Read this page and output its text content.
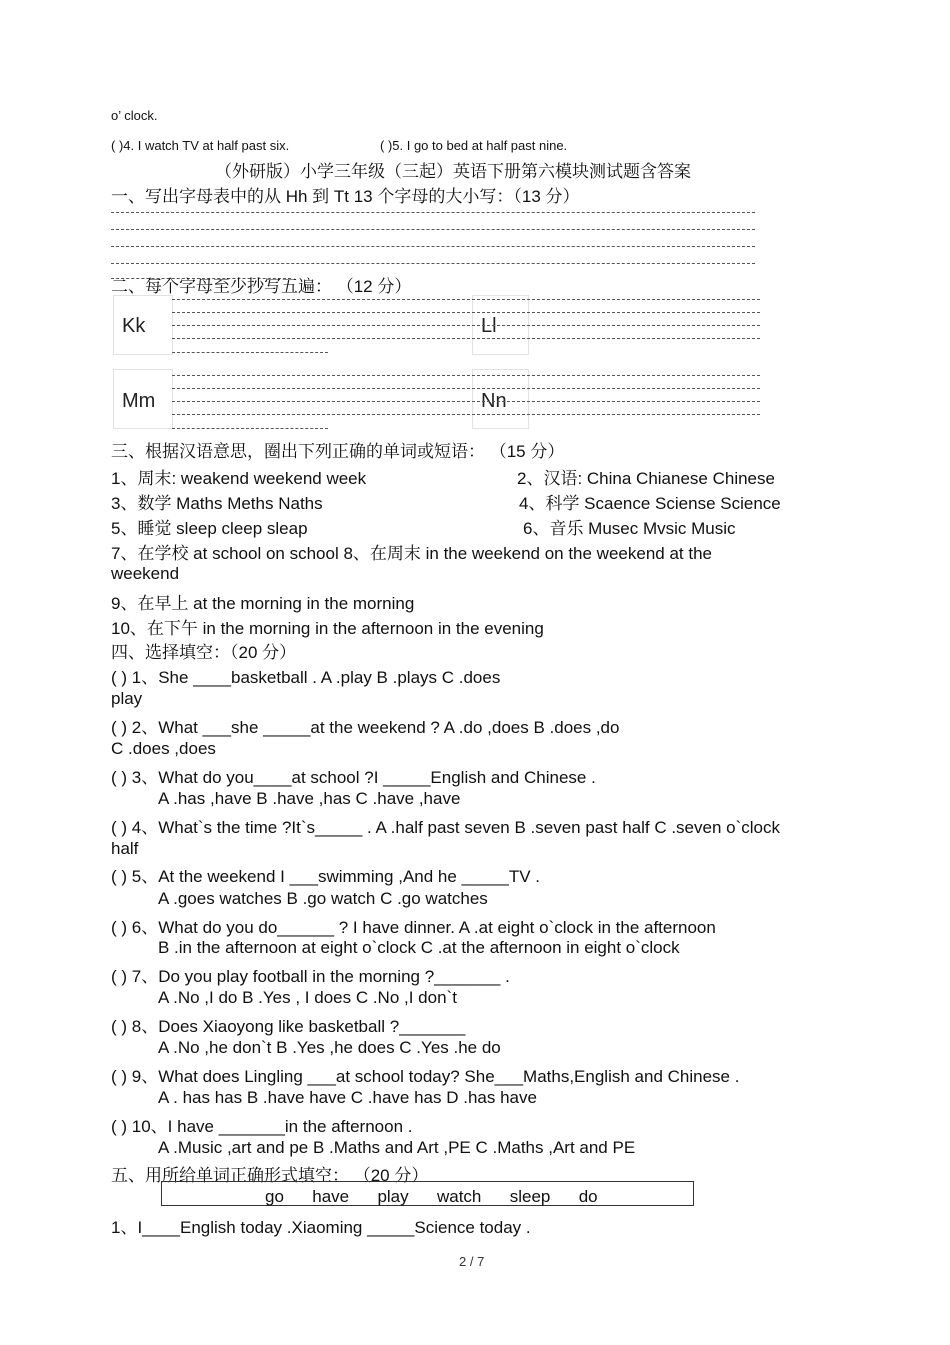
o’ clock.
( )4. I watch TV at half past six.	( )5. I go to bed at half past nine.
（外研版）小学三年级（三起）英语下册第六模块测试题含答案
一、写出字母表中的从 Hh 到 Tt 13 个字母的大小写：（13 分）
二、每个字母至少抄写五遍： （12 分）
Kk	Ll
Mm	Nn
三、根据汉语意思，圈出下列正确的单词或短语： （15 分）
1、周末: weakend weekend week	2、汉语: China Chianese Chinese
3、数学 Maths Meths Naths	4、科学 Scaence Sciense Science
5、睡觉 sleep cleep sleap	6、音乐 Musec Mvsic Music
7、在学校 at school on school 8、在周末 in the weekend on the weekend at the
weekend
9、在早上 at the morning in the morning
10、在下午 in the morning in the afternoon in the evening
四、选择填空：（20 分）
( ) 1、She ____basketball . A .play B .plays C .does
play
( ) 2、What ___she _____at the weekend ? A .do ,does B .does ,do
C .does ,does
( ) 3、What do you____at school ?I _____English and Chinese .
A .has ,have B .have ,has C .have ,have
( ) 4、What`s the time ?It`s_____ . A .half past seven B .seven past half C .seven o`clock
half
( ) 5、At the weekend I ___swimming ,And he _____TV .
A .goes watches B .go watch C .go watches
( ) 6、What do you do______ ? I have dinner. A .at eight o`clock in the afternoon
B .in the afternoon at eight o`clock C .at the afternoon in eight o`clock
( ) 7、Do you play football in the morning ?_______ .
A .No ,I do B .Yes , I does C .No ,I don`t
( ) 8、Does Xiaoyong like basketball ?_______
A .No ,he don`t B .Yes ,he does C .Yes .he do
( ) 9、What does Lingling ___at school today? She___Maths,English and Chinese .
A . has has B .have have C .have has D .has have
( ) 10、I have _______in the afternoon .
A .Music ,art and pe B .Maths and Art ,PE C .Maths ,Art and PE
五、用所给单词正确形式填空： （20 分）
go      have      play      watch      sleep      do
1、I____English today .Xiaoming _____Science today .
2 / 7
